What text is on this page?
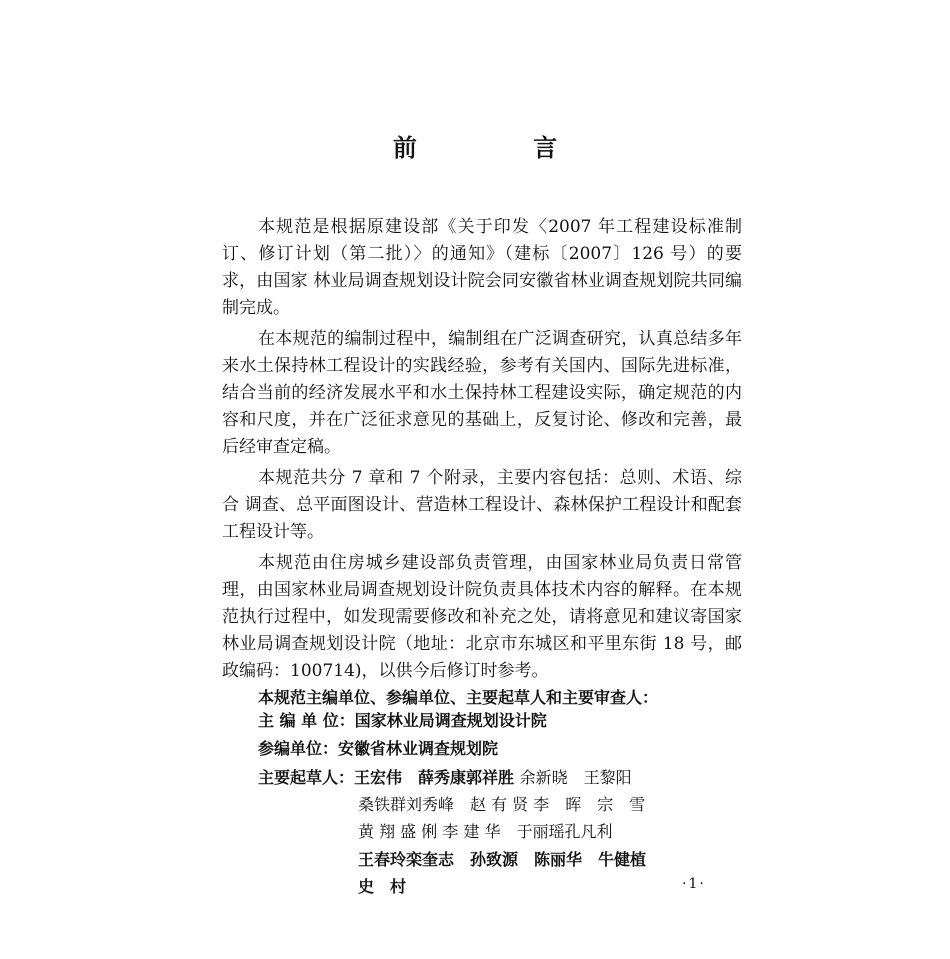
前 言

本规范是根据原建设部《关于印发〈2007 年工程建设标准制订、修订计划（第二批）〉的通知》（建标〔2007〕126 号）的要求，由国家 林业局调查规划设计院会同安徽省林业调查规划院共同编制完成。

在本规范的编制过程中，编制组在广泛调查研究，认真总结多年来水土保持林工程设计的实践经验，参考有关国内、国际先进标准，结合当前的经济发展水平和水土保持林工程建设实际，确定规范的内容和尺度，并在广泛征求意见的基础上，反复讨论、修改和完善，最后经审查定稿。

本规范共分 7 章和 7 个附录，主要内容包括：总则、术语、综合 调查、总平面图设计、营造林工程设计、森林保护工程设计和配套 工程设计等。

本规范由住房城乡建设部负责管理，由国家林业局负责日常管理，由国家林业局调查规划设计院负责具体技术内容的解释。在本规范执行过程中，如发现需要修改和补充之处，请将意见和建议寄国家林业局调查规划设计院（地址：北京市东城区和平里东街 18 号，邮政编码：100714)，以供今后修订时参考。

本规范主编单位、参编单位、主要起草人和主要审查人：
主 编 单 位：国家林业局调查规划设计院
参编单位：安徽省林业调查规划院
主要起草人：王宏伟　薛秀康郭祥胜 余新晓　王黎阳
桑铁群刘秀峰　赵 有 贤 李　晖　宗　雪
黄 翔 盛 俐 李 建 华　于丽瑶孔凡利
王春玲栾奎志　孙致源　陈丽华　牛健植
史　村	·1·
